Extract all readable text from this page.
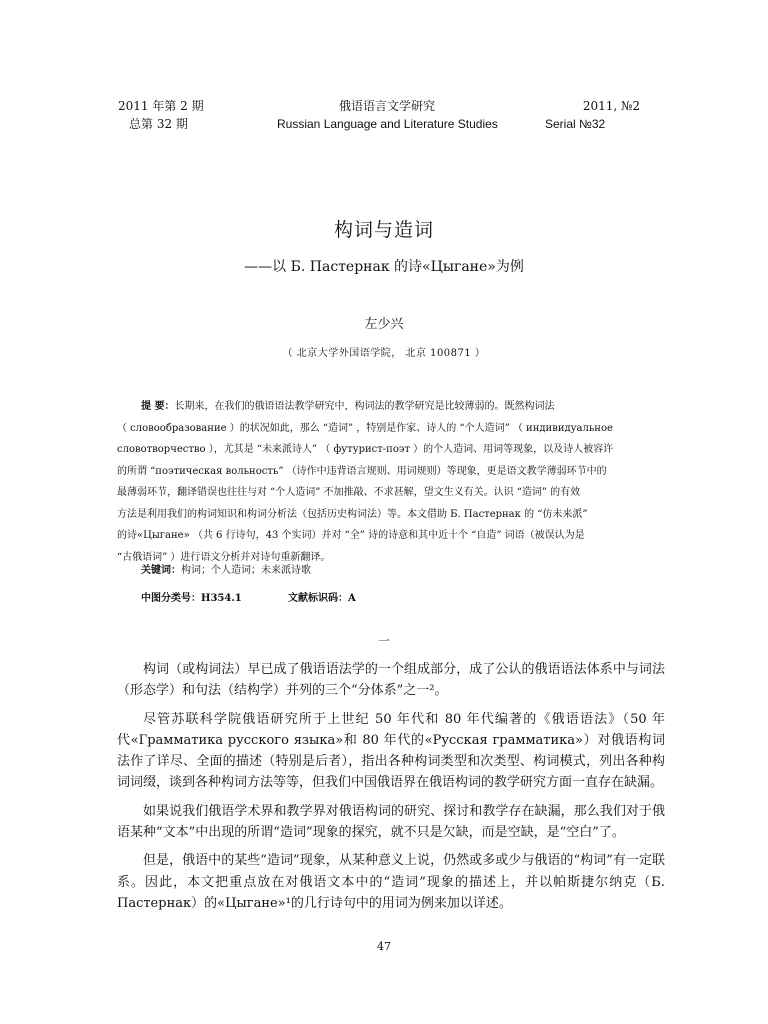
2011 年第 2 期	俄语语言文学研究	2011, №2
总第 32 期	Russian Language and Literature Studies	Serial №32
构词与造词
——以 Б. Пастернак 的诗«Цыгане»为例
左少兴
（ 北京大学外国语学院， 北京 100871 ）
提 要：长期来，在我们的俄语语法教学研究中，构词法的教学研究是比较薄弱的。既然构词法
（ словообразование ）的状况如此，那么 “造词” ，特别是作家、诗人的 “个人造词” （ индивидуальное
словотворчество ），尤其是 “未来派诗人” （ футурист-поэт ）的个人造词、用词等现象，以及诗人被容许
的所谓 “поэтическая вольность” （诗作中违背语言规则、用词规则）等现象，更是语文教学薄弱环节中的
最薄弱环节，翻译错误也往往与对 “个人造词” 不加推敲、不求甚解，望文生义有关。认识 “造词” 的有效
方法是利用我们的构词知识和构词分析法（包括历史构词法）等。本文借助 Б. Пастернак 的 “仿未来派”
的诗«Цыгане» （共 6 行诗句，43 个实词）并对 “全” 诗的诗意和其中近十个 “自造” 词语（被误认为是
“古俄语词” ）进行语文分析并对诗句重新翻译。
关键词：构词；个人造词；未来派诗歌
中图分类号：H354.1	文献标识码：A
一

构词（或构词法）早已成了俄语语法学的一个组成部分，成了公认的俄语语法体系中与词法（形态学）和句法（结构学）并列的三个“分体系”之一²。

尽管苏联科学院俄语研究所于上世纪 50 年代和 80 年代编著的《俄语语法》（50 年代«Грамматика русского языка»和 80 年代的«Русская грамматика»）对俄语构词法作了详尽、全面的描述（特别是后者），指出各种构词类型和次类型、构词模式，列出各种构词词缀，谈到各种构词方法等等，但我们中国俄语界在俄语构词的教学研究方面一直存在缺漏。

如果说我们俄语学术界和教学界对俄语构词的研究、探讨和教学存在缺漏，那么我们对于俄语某种“文本”中出现的所谓“造词”现象的探究，就不只是欠缺，而是空缺，是“空白”了。

但是，俄语中的某些“造词”现象，从某种意义上说，仍然或多或少与俄语的“构词”有一定联系。因此，本文把重点放在对俄语文本中的“造词”现象的描述上，并以帕斯捷尔纳克（Б. Пастернак）的«Цыгане»¹的几行诗句中的用词为例来加以详述。

47
